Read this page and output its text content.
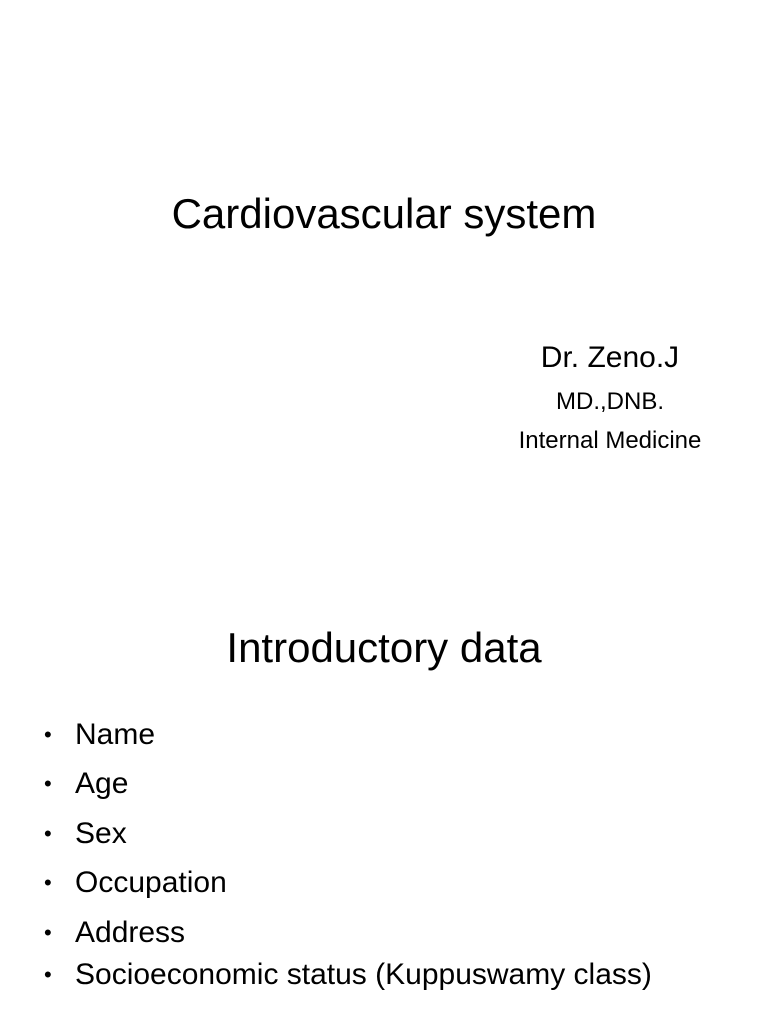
Cardiovascular system
Dr. Zeno.J
MD.,DNB.
Internal Medicine
Introductory data
• Name
• Age
• Sex
• Occupation
• Address
• Socioeconomic status (Kuppuswamy class)
